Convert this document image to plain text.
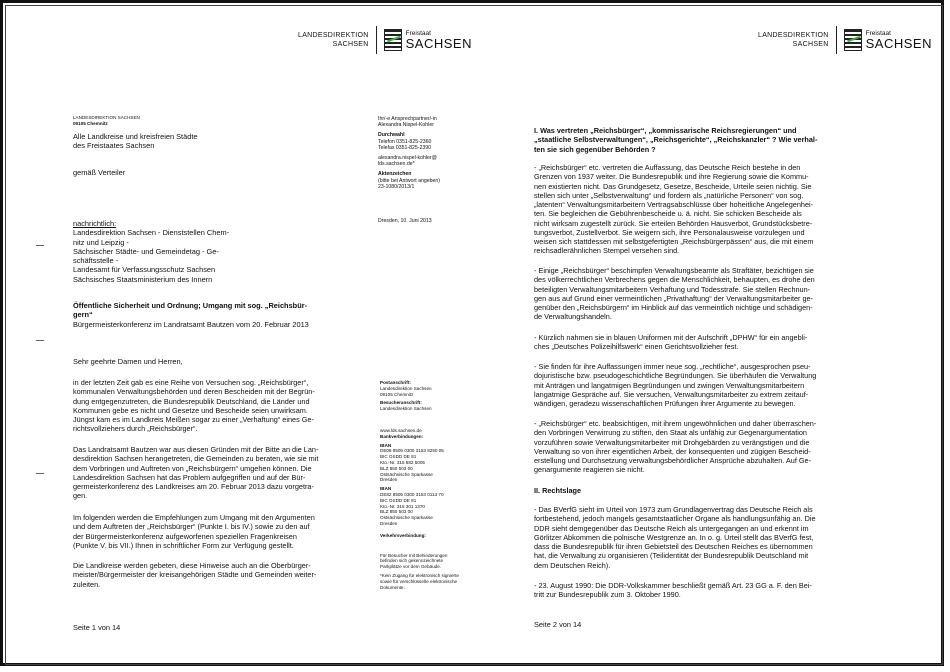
LANDESDIREKTION
SACHSEN
Freistaat
SACHSEN
LANDESDIREKTION SACHSEN
09105 Chemnitz
Alle Landkreise und kreisfreien Städte
des Freistaates Sachsen
gemäß Verteiler
nachrichtlich:
Landesdirektion Sachsen - Dienststellen Chem-
nitz und Leipzig -
Sächsischer Städte- und Gemeindetag - Ge-
schäftsstelle -
Landesamt für Verfassungsschutz Sachsen
Sächsisches Staatsministerium des Innern
Öffentliche Sicherheit und Ordnung; Umgang mit sog. „Reichsbür-
gern“
Bürgermeisterkonferenz im Landratsamt Bautzen vom 20. Februar 2013
Sehr geehrte Damen und Herren,
in der letzten Zeit gab es eine Reihe von Versuchen sog. „Reichsbürger“,
kommunalen Verwaltungsbehörden und deren Bescheiden mit der Begrün-
dung entgegenzutreten, die Bundesrepublik Deutschland, die Länder und
Kommunen gebe es nicht und Gesetze und Bescheide seien unwirksam.
Jüngst kam es im Landkreis Meißen sogar zu einer „Verhaftung“ eines Ge-
richtsvollziehers durch „Reichsbürger“.
Das Landratsamt Bautzen war aus diesen Gründen mit der Bitte an die Lan-
desdirektion Sachsen herangetreten, die Gemeinden zu beraten, wie sie mit
dem Vorbringen und Auftreten von „Reichsbürgern“ umgehen können. Die
Landesdirektion Sachsen hat das Problem aufgegriffen und auf der Bür-
germeisterkonferenz des Landkreises am 20. Februar 2013 dazu vorgetra-
gen.
Im folgenden werden die Empfehlungen zum Umgang mit den Argumenten
und dem Auftreten der „Reichsbürger“ (Punkte I. bis IV.) sowie zu den auf
der Bürgermeisterkonferenz aufgeworfenen speziellen Fragenkreisen
(Punkte V. bis VII.) Ihnen in schriftlicher Form zur Verfügung gestellt.
Die Landkreise werden gebeten, diese Hinweise auch an die Oberbürger-
meister/Bürgermeister der kreisangehörigen Städte und Gemeinden weiter-
zuleiten.
Seite 1 von 14
Ihr/-e Ansprechpartner/-in
Alexandra Nispel-Kohler
Durchwahl
Telefon 0351-825-2360
Telefax 0351-825-2390
alexandra.nispel-kohler@
lds.sachsen.de*
Aktenzeichen
(bitte bei Antwort angeben)
23-1080/2013/1
Dresden, 10. Juni 2013
Postanschrift:
Landesdirektion Sachsen
09105 Chemnitz
Besucheranschrift:
Landesdirektion Sachsen
www.lds.sachsen.de
Bankverbindungen:
IBAN
DE08 8505 0300 3153 8250 05
BIC OSDD DE 81
Kto.-Nr. 315 582 5005
BLZ 850 503 00
Ostsächsische Sparkasse
Dresden
IBAN
DE82 8505 0300 3153 0113 70
BIC OSDD DE 81
Kto.-Nr. 315 301 1370
BLZ 850 503 00
Ostsächsische Sparkasse
Dresden
Verkehrsverbindung:
Für Besucher mit Behinderungen
befinden sich gekennzeichnete
Parkplätze vor dem Gebäude.
*Kein Zugang für elektronisch signierte
sowie für verschlüsselte elektronische
Dokumente.
LANDESDIREKTION
SACHSEN
Freistaat
SACHSEN
I. Was vertreten „Reichsbürger“, „kommissarische Reichsregierungen“ und
„staatliche Selbstverwaltungen“, „Reichsgerichte“, „Reichskanzler“ ? Wie verhal-
ten sie sich gegenüber Behörden ?
- „Reichsbürger“ etc. vertreten die Auffassung, das Deutsche Reich bestehe in den
Grenzen von 1937 weiter. Die Bundesrepublik und ihre Regierung sowie die Kommu-
nen existierten nicht. Das Grundgesetz, Gesetze, Bescheide, Urteile seien nichtig. Sie
stellen sich unter „Selbstverwaltung“ und fordern als „natürliche Personen“ von sog.
„latenten“ Verwaltungsmitarbeitern Vertragsabschlüsse über hoheitliche Angelegenhei-
ten. Sie begleichen die Gebührenbescheide u. ä. nicht. Sie schicken Bescheide als
nicht wirksam zugestellt zurück. Sie erteilen Behörden Hausverbot, Grundstücksbetre-
tungsverbot, Zustellverbot. Sie weigern sich, ihre Personalausweise vorzulegen und
weisen sich stattdessen mit selbstgefertigten „Reichsbürgerpässen“ aus, die mit einem
reichsadlerähnlichen Stempel versehen sind.
- Einige „Reichsbürger“ beschimpfen Verwaltungsbeamte als Straftäter, bezichtigen sie
des völkerrechtlichen Verbrechens gegen die Menschlichkeit, behaupten, es drohe den
beteiligten Verwaltungsmitarbeitern Verhaftung und Todesstrafe. Sie stellen Rechnun-
gen aus auf Grund einer vermeintlichen „Privathaftung“ der Verwaltungsmitarbeiter ge-
genüber den „Reichsbürgern“ im Hinblick auf das vermeintlich nichtige und schädigen-
de Verwaltungshandeln.
- Kürzlich nahmen sie in blauen Uniformen mit der Aufschrift „DPHW“ für ein angebli-
ches „Deutsches Polizeihilfswerk“ einen Gerichtsvollzieher fest.
- Sie finden für ihre Auffassungen immer neue sog. „rechtliche“, ausgesprochen pseu-
dojuristische bzw. pseudogeschichtliche Begründungen. Sie überhäufen die Verwaltung
mit Anträgen und langatmigen Begründungen und zwingen Verwaltungsmitarbeitern
langatmige Gespräche auf. Sie versuchen, Verwaltungsmitarbeiter zu extrem zeitauf-
wändigen, geradezu wissenschaftlichen Prüfungen ihrer Argumente zu bewegen.
- „Reichsbürger“ etc. beabsichtigen, mit ihrem ungewöhnlichen und daher überraschen-
den Vorbringen Verwirrung zu stiften, den Staat als unfähig zur Gegenargumentation
vorzuführen sowie Verwaltungsmitarbeiter mit Drohgebärden zu verängstigen und die
Verwaltung so von ihrer eigentlichen Arbeit, der konsequenten und zügigen Bescheid-
erstellung und Durchsetzung verwaltungsbehördlicher Ansprüche abzuhalten. Auf Ge-
genargumente reagieren sie nicht.
II. Rechtslage
- Das BVerfG sieht im Urteil von 1973 zum Grundlagenvertrag das Deutsche Reich als
fortbestehend, jedoch mangels gesamtstaatlicher Organe als handlungsunfähig an. Die
DDR sieht demgegenüber das Deutsche Reich als untergegangen an und erkennt im
Görlitzer Abkommen die polnische Westgrenze an. In o. g. Urteil stellt das BVerfG fest,
dass die Bundesrepublik für ihren Gebietsteil des Deutschen Reiches es übernommen
hat, die Verwaltung zu organisieren (Teilidentität der Bundesrepublik Deutschland mit
dem Deutschen Reich).
- 23. August 1990: Die DDR-Volkskammer beschließt gemäß Art. 23 GG a. F. den Bei-
tritt zur Bundesrepublik zum 3. Oktober 1990.
Seite 2 von 14
